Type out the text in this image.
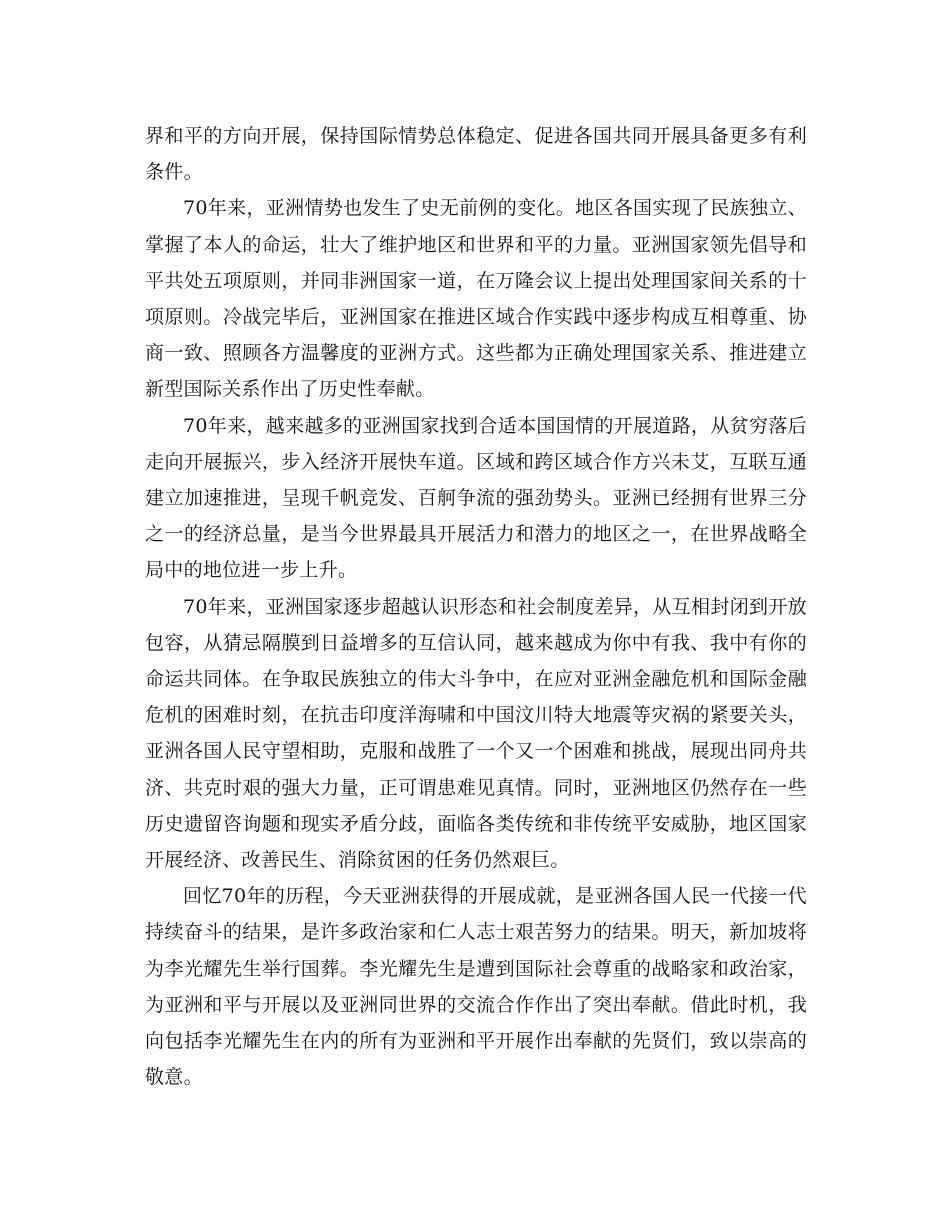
界和平的方向开展，保持国际情势总体稳定、促进各国共同开展具备更多有利条件。

70年来，亚洲情势也发生了史无前例的变化。地区各国实现了民族独立、掌握了本人的命运，壮大了维护地区和世界和平的力量。亚洲国家领先倡导和平共处五项原则，并同非洲国家一道，在万隆会议上提出处理国家间关系的十项原则。冷战完毕后，亚洲国家在推进区域合作实践中逐步构成互相尊重、协商一致、照顾各方温馨度的亚洲方式。这些都为正确处理国家关系、推进建立新型国际关系作出了历史性奉献。

70年来，越来越多的亚洲国家找到合适本国国情的开展道路，从贫穷落后走向开展振兴，步入经济开展快车道。区域和跨区域合作方兴未艾，互联互通建立加速推进，呈现千帆竞发、百舸争流的强劲势头。亚洲已经拥有世界三分之一的经济总量，是当今世界最具开展活力和潜力的地区之一，在世界战略全局中的地位进一步上升。

70年来，亚洲国家逐步超越认识形态和社会制度差异，从互相封闭到开放包容，从猜忌隔膜到日益增多的互信认同，越来越成为你中有我、我中有你的命运共同体。在争取民族独立的伟大斗争中，在应对亚洲金融危机和国际金融危机的困难时刻，在抗击印度洋海啸和中国汶川特大地震等灾祸的紧要关头，亚洲各国人民守望相助，克服和战胜了一个又一个困难和挑战，展现出同舟共济、共克时艰的强大力量，正可谓患难见真情。同时，亚洲地区仍然存在一些历史遗留咨询题和现实矛盾分歧，面临各类传统和非传统平安威胁，地区国家开展经济、改善民生、消除贫困的任务仍然艰巨。

回忆70年的历程，今天亚洲获得的开展成就，是亚洲各国人民一代接一代持续奋斗的结果，是许多政治家和仁人志士艰苦努力的结果。明天，新加坡将为李光耀先生举行国葬。李光耀先生是遭到国际社会尊重的战略家和政治家，为亚洲和平与开展以及亚洲同世界的交流合作作出了突出奉献。借此时机，我向包括李光耀先生在内的所有为亚洲和平开展作出奉献的先贤们，致以崇高的敬意。
